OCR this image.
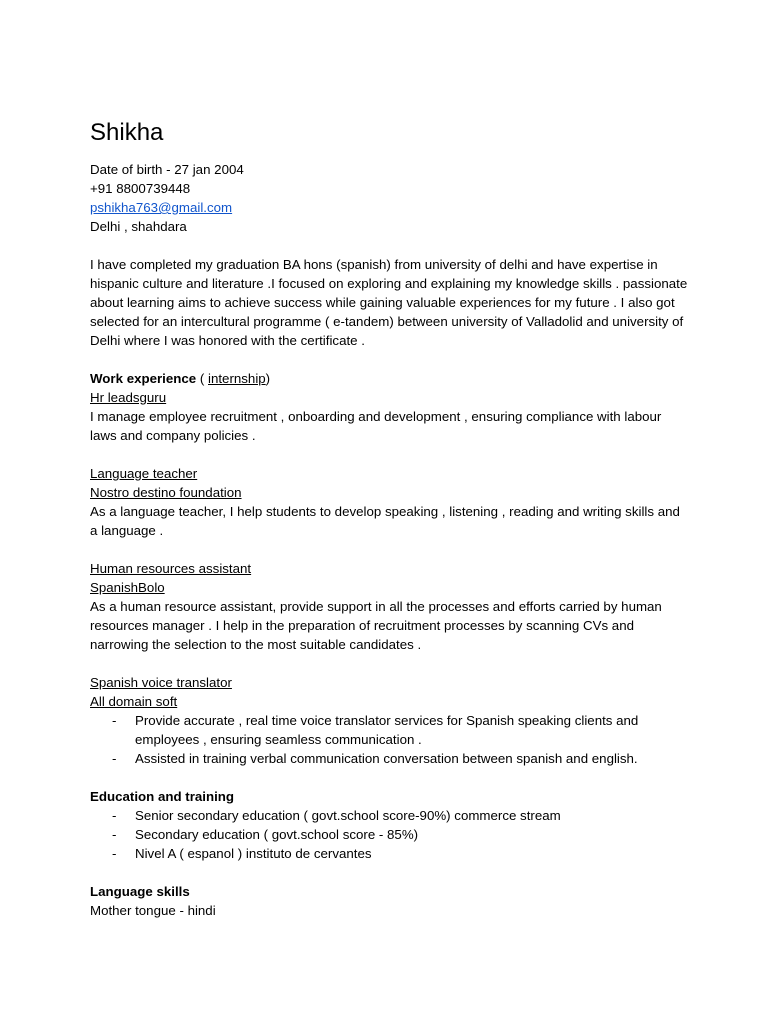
Shikha

Date of birth - 27 jan 2004

+91 8800739448

pshikha763@gmail.com

Delhi , shahdara

I have completed my graduation BA hons (spanish) from university of delhi and have expertise in hispanic culture and literature .I focused on exploring and explaining my knowledge skills . passionate about learning aims to achieve success while gaining valuable experiences for my future . I also got selected for an intercultural programme ( e-tandem) between university of Valladolid and university of Delhi where I was honored with the certificate .

Work experience ( internship)

Hr leadsguru

I manage employee recruitment , onboarding and development , ensuring compliance with labour laws and company policies .

Language teacher

Nostro destino foundation

As a language teacher, I help students to develop speaking , listening , reading and writing skills and a language .

Human resources assistant

SpanishBolo

As a human resource assistant, provide support in all the processes and efforts carried by human resources manager . I help in the preparation of recruitment processes by scanning CVs and narrowing the selection to the most suitable candidates .

Spanish voice translator

All domain soft

- Provide accurate , real time voice translator services for Spanish speaking clients and employees , ensuring seamless communication .
- Assisted in training verbal communication conversation between spanish and english.

Education and training

- Senior secondary education ( govt.school score-90%) commerce stream
- Secondary education ( govt.school score - 85%)
- Nivel A ( espanol ) instituto de cervantes

Language skills

Mother tongue - hindi
